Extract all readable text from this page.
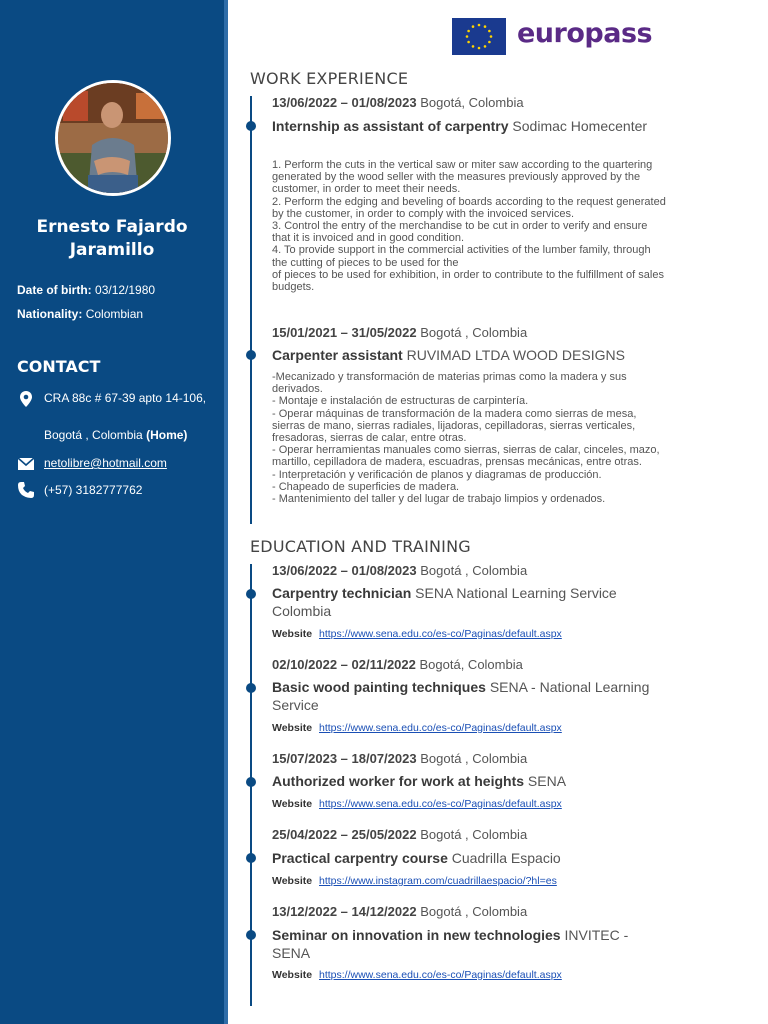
Ernesto Fajardo Jaramillo
Date of birth: 03/12/1980
Nationality: Colombian
CONTACT
CRA 88c # 67-39 apto 14-106,
Bogotá , Colombia (Home)
netolibre@hotmail.com
(+57) 3182777762
europass
WORK EXPERIENCE
13/06/2022 – 01/08/2023 Bogotá, Colombia
Internship as assistant of carpentry Sodimac Homecenter
1. Perform the cuts in the vertical saw or miter saw according to the quartering generated by the wood seller with the measures previously approved by the customer, in order to meet their needs.
2. Perform the edging and beveling of boards according to the request generated by the customer, in order to comply with the invoiced services.
3. Control the entry of the merchandise to be cut in order to verify and ensure that it is invoiced and in good condition.
4. To provide support in the commercial activities of the lumber family, through the cutting of pieces to be used for the
of pieces to be used for exhibition, in order to contribute to the fulfillment of sales budgets.
15/01/2021 – 31/05/2022 Bogotá , Colombia
Carpenter assistant RUVIMAD LTDA WOOD DESIGNS
-Mecanizado y transformación de materias primas como la madera y sus derivados.
- Montaje e instalación de estructuras de carpintería.
- Operar máquinas de transformación de la madera como sierras de mesa, sierras de mano, sierras radiales, lijadoras, cepilladoras, sierras verticales, fresadoras, sierras de calar, entre otras.
- Operar herramientas manuales como sierras, sierras de calar, cinceles, mazo, martillo, cepilladora de madera, escuadras, prensas mecánicas, entre otras.
- Interpretación y verificación de planos y diagramas de producción.
- Chapeado de superficies de madera.
- Mantenimiento del taller y del lugar de trabajo limpios y ordenados.
EDUCATION AND TRAINING
13/06/2022 – 01/08/2023 Bogotá , Colombia
Carpentry technician SENA National Learning Service Colombia
Website https://www.sena.edu.co/es-co/Paginas/default.aspx
02/10/2022 – 02/11/2022 Bogotá, Colombia
Basic wood painting techniques SENA - National Learning Service
Website https://www.sena.edu.co/es-co/Paginas/default.aspx
15/07/2023 – 18/07/2023 Bogotá , Colombia
Authorized worker for work at heights SENA
Website https://www.sena.edu.co/es-co/Paginas/default.aspx
25/04/2022 – 25/05/2022 Bogotá , Colombia
Practical carpentry course Cuadrilla Espacio
Website https://www.instagram.com/cuadrillaespacio/?hl=es
13/12/2022 – 14/12/2022 Bogotá , Colombia
Seminar on innovation in new technologies INVITEC - SENA
Website https://www.sena.edu.co/es-co/Paginas/default.aspx
